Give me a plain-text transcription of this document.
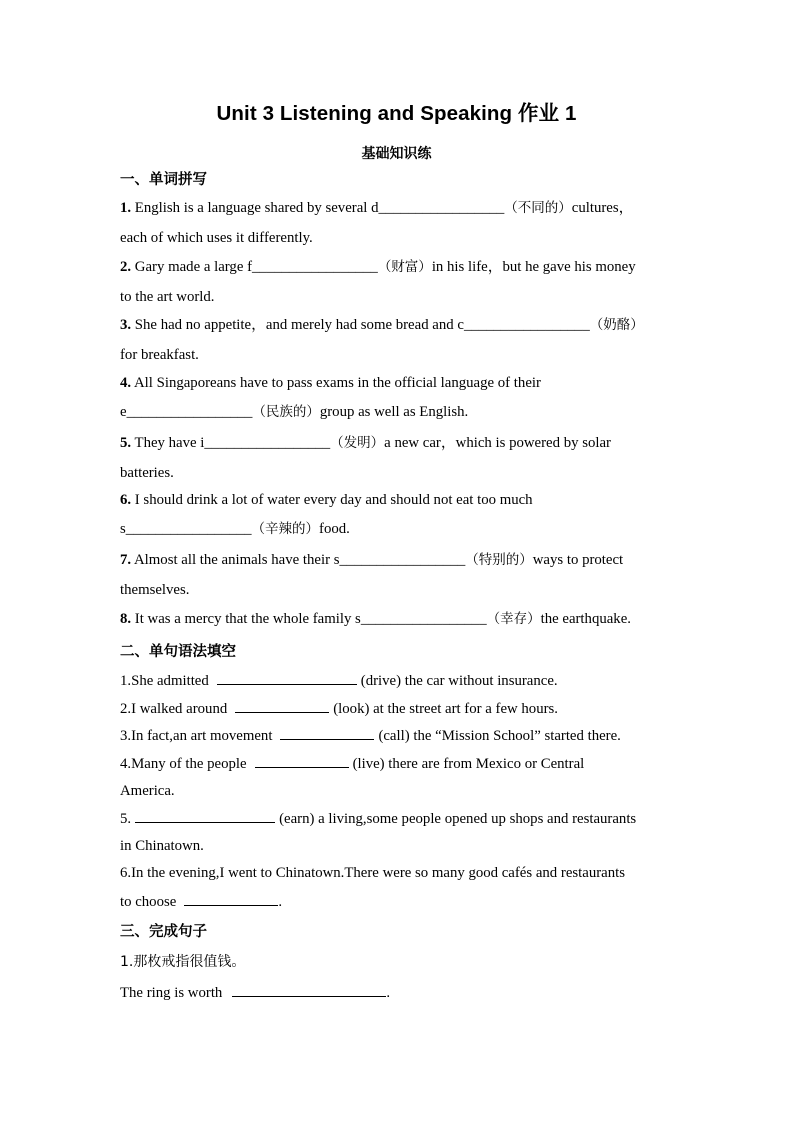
Unit 3 Listening and Speaking 作业 1
基础知识练
一、单词拼写
1. English is a language shared by several d_________________（不同的）cultures，
each of which uses it differently.
2. Gary made a large f_________________（财富）in his life，but he gave his money
to the art world.
3. She had no appetite，and merely had some bread and c_________________（奶酪）
for breakfast.
4. All Singaporeans have to pass exams in the official language of their
e_________________（民族的）group as well as English.
5. They have i_________________（发明）a new car，which is powered by solar
batteries.
6. I should drink a lot of water every day and should not eat too much
s_________________（辛辣的）food.
7. Almost all the animals have their s_________________（特别的）ways to protect
themselves.
8. It was a mercy that the whole family s_________________（幸存）the earthquake.
二、单句语法填空
1.She admitted	(drive) the car without insurance.
2.I walked around	(look) at the street art for a few hours.
3.In fact,an art movement	(call) the “Mission School” started there.
4.Many of the people	(live) there are from Mexico or Central
America.
5.	(earn) a living,some people opened up shops and restaurants
in Chinatown.
6.In the evening,I went to Chinatown.There were so many good cafés and restaurants
to choose	.
三、完成句子
1.那枚戒指很值钱。
The ring is worth	.
